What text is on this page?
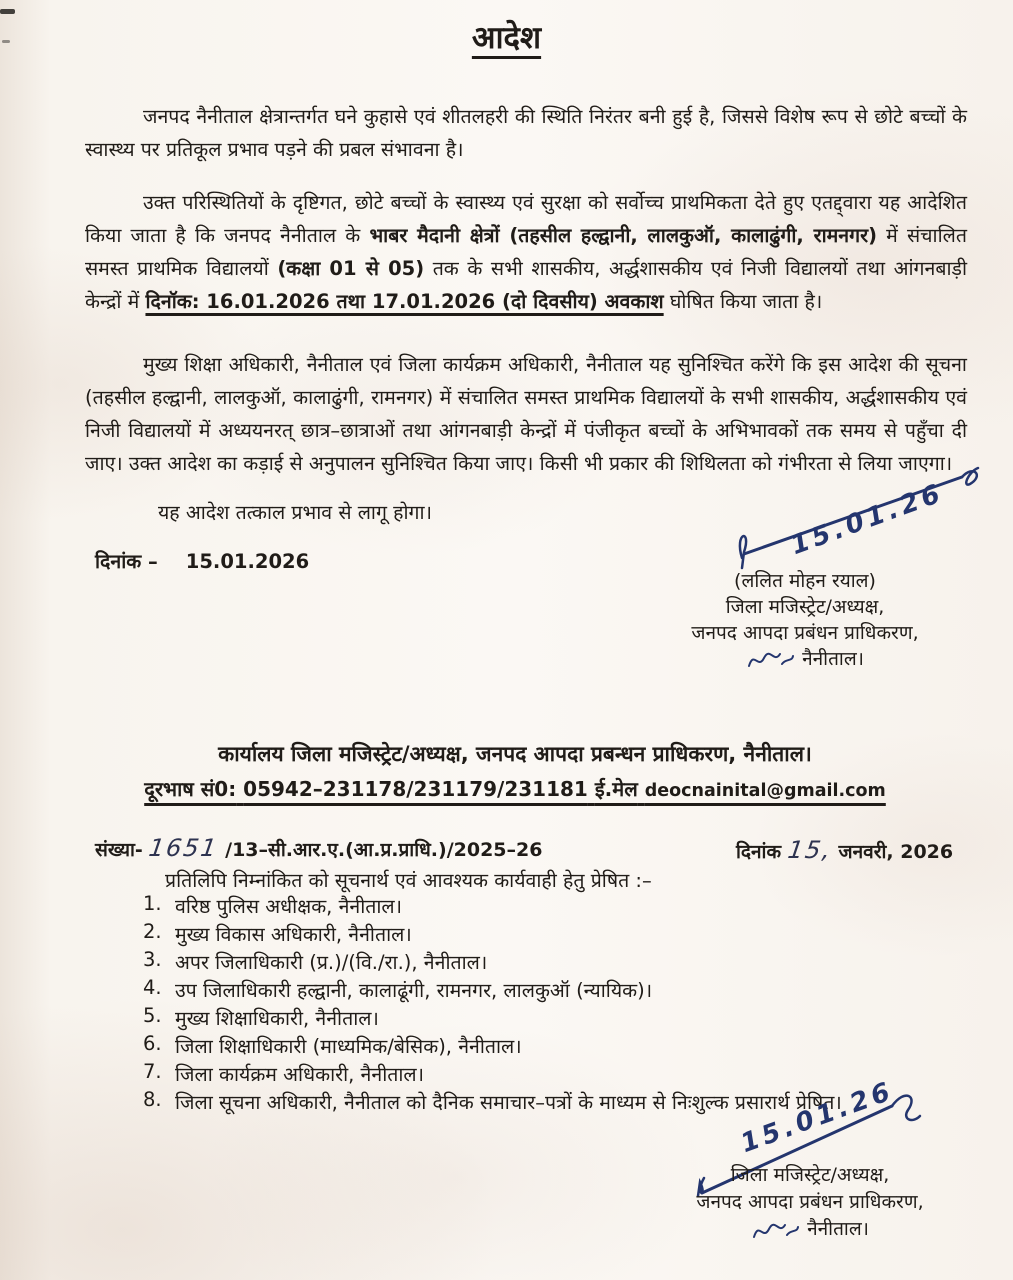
आदेश

जनपद नैनीताल क्षेत्रान्तर्गत घने कुहासे एवं शीतलहरी की स्थिति निरंतर बनी हुई है, जिससे विशेष रूप से छोटे बच्चों के स्वास्थ्य पर प्रतिकूल प्रभाव पड़ने की प्रबल संभावना है।

उक्त परिस्थितियों के दृष्टिगत, छोटे बच्चों के स्वास्थ्य एवं सुरक्षा को सर्वोच्च प्राथमिकता देते हुए एतद्द्वारा यह आदेशित किया जाता है कि जनपद नैनीताल के भाबर मैदानी क्षेत्रों (तहसील हल्द्वानी, लालकुऑ, कालाढुंगी, रामनगर) में संचालित समस्त प्राथमिक विद्यालयों (कक्षा 01 से 05) तक के सभी शासकीय, अर्द्धशासकीय एवं निजी विद्यालयों तथा आंगनबाड़ी केन्द्रों में दिनॉक: 16.01.2026 तथा 17.01.2026 (दो दिवसीय) अवकाश घोषित किया जाता है।

मुख्य शिक्षा अधिकारी, नैनीताल एवं जिला कार्यक्रम अधिकारी, नैनीताल यह सुनिश्चित करेंगे कि इस आदेश की सूचना (तहसील हल्द्वानी, लालकुऑ, कालाढुंगी, रामनगर) में संचालित समस्त प्राथमिक विद्यालयों के सभी शासकीय, अर्द्धशासकीय एवं निजी विद्यालयों में अध्ययनरत् छात्र–छात्राओं तथा आंगनबाड़ी केन्द्रों में पंजीकृत बच्चों के अभिभावकों तक समय से पहुँचा दी जाए। उक्त आदेश का कड़ाई से अनुपालन सुनिश्चित किया जाए। किसी भी प्रकार की शिथिलता को गंभीरता से लिया जाएगा।

यह आदेश तत्काल प्रभाव से लागू होगा।
दिनांक – 15.01.2026
15.01.26
(ललित मोहन रयाल)
जिला मजिस्ट्रेट/अध्यक्ष,
जनपद आपदा प्रबंधन प्राधिकरण,
नैनीताल।
कार्यालय जिला मजिस्ट्रेट/अध्यक्ष, जनपद आपदा प्रबन्धन प्राधिकरण, नैनीताल।
दूरभाष सं0: 05942–231178/231179/231181 ई.मेल deocnainital@gmail.com
संख्या- 1651 /13–सी.आर.ए.(आ.प्र.प्राधि.)/2025–26	दिनांक 15, जनवरी, 2026
प्रतिलिपि निम्नांकित को सूचनार्थ एवं आवश्यक कार्यवाही हेतु प्रेषित :–
1. वरिष्ठ पुलिस अधीक्षक, नैनीताल।
2. मुख्य विकास अधिकारी, नैनीताल।
3. अपर जिलाधिकारी (प्र.)/(वि./रा.), नैनीताल।
4. उप जिलाधिकारी हल्द्वानी, कालाढूंगी, रामनगर, लालकुऑ (न्यायिक)।
5. मुख्य शिक्षाधिकारी, नैनीताल।
6. जिला शिक्षाधिकारी (माध्यमिक/बेसिक), नैनीताल।
7. जिला कार्यक्रम अधिकारी, नैनीताल।
8. जिला सूचना अधिकारी, नैनीताल को दैनिक समाचार–पत्रों के माध्यम से निःशुल्क प्रसारार्थ प्रेषित।
15.01.26
जिला मजिस्ट्रेट/अध्यक्ष,
जनपद आपदा प्रबंधन प्राधिकरण,
नैनीताल।
